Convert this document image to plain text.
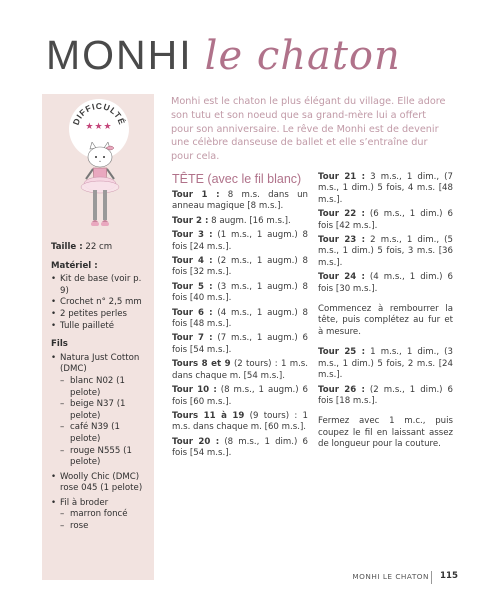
MONHI le chaton
DIFFICULTÉ
★★★
Taille : 22 cm
Matériel :
• Kit de base (voir p. 9)
• Crochet n° 2,5 mm
• 2 petites perles
• Tulle pailleté
Fils
• Natura Just Cotton (DMC)
– blanc N02 (1 pelote)
– beige N37 (1 pelote)
– café N39 (1 pelote)
– rouge N555 (1 pelote)
• Woolly Chic (DMC) rose 045 (1 pelote)
• Fil à broder
– marron foncé
– rose
Monhi est le chaton le plus élégant du village. Elle adore son tutu et son noeud que sa grand-mère lui a offert pour son anniversaire. Le rêve de Monhi est de devenir une célèbre danseuse de ballet et elle s’entraîne dur pour cela.
TÊTE (avec le fil blanc)
Tour 1 : 8 m.s. dans un anneau magique [8 m.s.].
Tour 2 : 8 augm. [16 m.s.].
Tour 3 : (1 m.s., 1 augm.) 8 fois [24 m.s.].
Tour 4 : (2 m.s., 1 augm.) 8 fois [32 m.s.].
Tour 5 : (3 m.s., 1 augm.) 8 fois [40 m.s.].
Tour 6 : (4 m.s., 1 augm.) 8 fois [48 m.s.].
Tour 7 : (7 m.s., 1 augm.) 6 fois [54 m.s.].
Tours 8 et 9 (2 tours) : 1 m.s. dans chaque m. [54 m.s.].
Tour 10 : (8 m.s., 1 augm.) 6 fois [60 m.s.].
Tours 11 à 19 (9 tours) : 1 m.s. dans chaque m. [60 m.s.].
Tour 20 : (8 m.s., 1 dim.) 6 fois [54 m.s.].
Tour 21 : 3 m.s., 1 dim., (7 m.s., 1 dim.) 5 fois, 4 m.s. [48 m.s.].
Tour 22 : (6 m.s., 1 dim.) 6 fois [42 m.s.].
Tour 23 : 2 m.s., 1 dim., (5 m.s., 1 dim.) 5 fois, 3 m.s. [36 m.s.].
Tour 24 : (4 m.s., 1 dim.) 6 fois [30 m.s.].
Commencez à rembourrer la tête, puis complétez au fur et à mesure.
Tour 25 : 1 m.s., 1 dim., (3 m.s., 1 dim.) 5 fois, 2 m.s. [24 m.s.].
Tour 26 : (2 m.s., 1 dim.) 6 fois [18 m.s.].
Fermez avec 1 m.c., puis coupez le fil en laissant assez de longueur pour la couture.
MONHI LE CHATON 115
